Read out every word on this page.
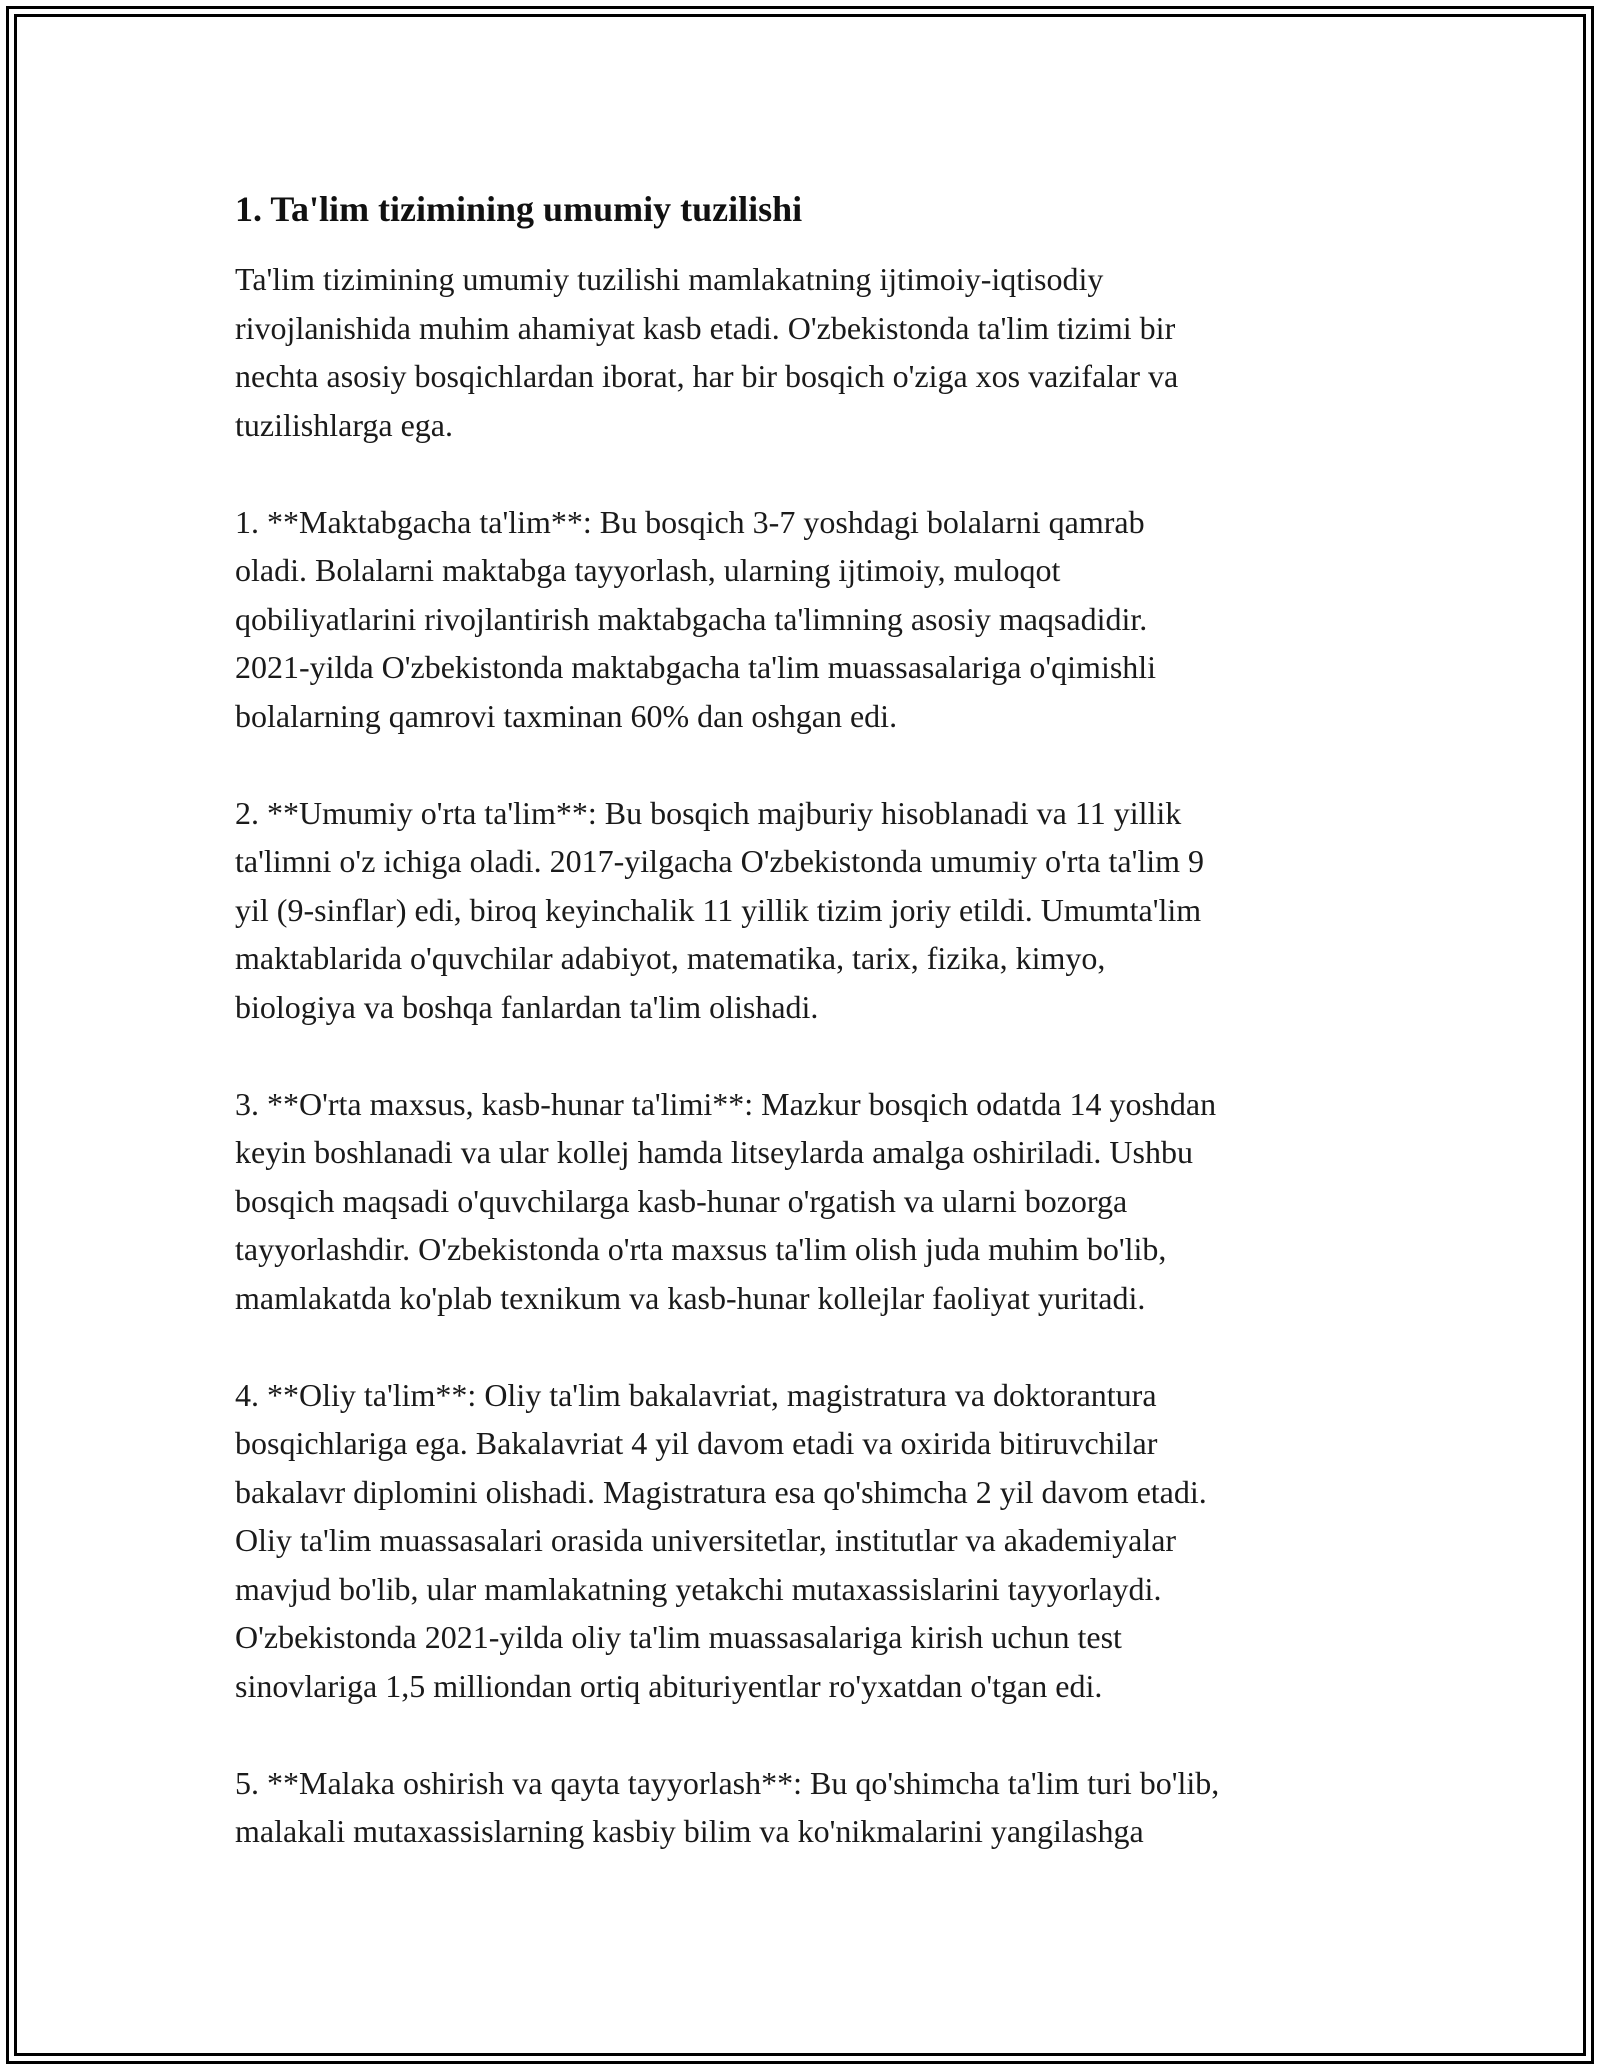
1. Ta'lim tizimining umumiy tuzilishi
Ta'lim tizimining umumiy tuzilishi mamlakatning ijtimoiy-iqtisodiy
rivojlanishida muhim ahamiyat kasb etadi. O'zbekistonda ta'lim tizimi bir
nechta asosiy bosqichlardan iborat, har bir bosqich o'ziga xos vazifalar va
tuzilishlarga ega.
1. **Maktabgacha ta'lim**: Bu bosqich 3-7 yoshdagi bolalarni qamrab
oladi. Bolalarni maktabga tayyorlash, ularning ijtimoiy, muloqot
qobiliyatlarini rivojlantirish maktabgacha ta'limning asosiy maqsadidir.
2021-yilda O'zbekistonda maktabgacha ta'lim muassasalariga o'qimishli
bolalarning qamrovi taxminan 60% dan oshgan edi.
2. **Umumiy o'rta ta'lim**: Bu bosqich majburiy hisoblanadi va 11 yillik
ta'limni o'z ichiga oladi. 2017-yilgacha O'zbekistonda umumiy o'rta ta'lim 9
yil (9-sinflar) edi, biroq keyinchalik 11 yillik tizim joriy etildi. Umumta'lim
maktablarida o'quvchilar adabiyot, matematika, tarix, fizika, kimyo,
biologiya va boshqa fanlardan ta'lim olishadi.
3. **O'rta maxsus, kasb-hunar ta'limi**: Mazkur bosqich odatda 14 yoshdan
keyin boshlanadi va ular kollej hamda litseylarda amalga oshiriladi. Ushbu
bosqich maqsadi o'quvchilarga kasb-hunar o'rgatish va ularni bozorga
tayyorlashdir. O'zbekistonda o'rta maxsus ta'lim olish juda muhim bo'lib,
mamlakatda ko'plab texnikum va kasb-hunar kollejlar faoliyat yuritadi.
4. **Oliy ta'lim**: Oliy ta'lim bakalavriat, magistratura va doktorantura
bosqichlariga ega. Bakalavriat 4 yil davom etadi va oxirida bitiruvchilar
bakalavr diplomini olishadi. Magistratura esa qo'shimcha 2 yil davom etadi.
Oliy ta'lim muassasalari orasida universitetlar, institutlar va akademiyalar
mavjud bo'lib, ular mamlakatning yetakchi mutaxassislarini tayyorlaydi.
O'zbekistonda 2021-yilda oliy ta'lim muassasalariga kirish uchun test
sinovlariga 1,5 milliondan ortiq abituriyentlar ro'yxatdan o'tgan edi.
5. **Malaka oshirish va qayta tayyorlash**: Bu qo'shimcha ta'lim turi bo'lib,
malakali mutaxassislarning kasbiy bilim va ko'nikmalarini yangilashga
